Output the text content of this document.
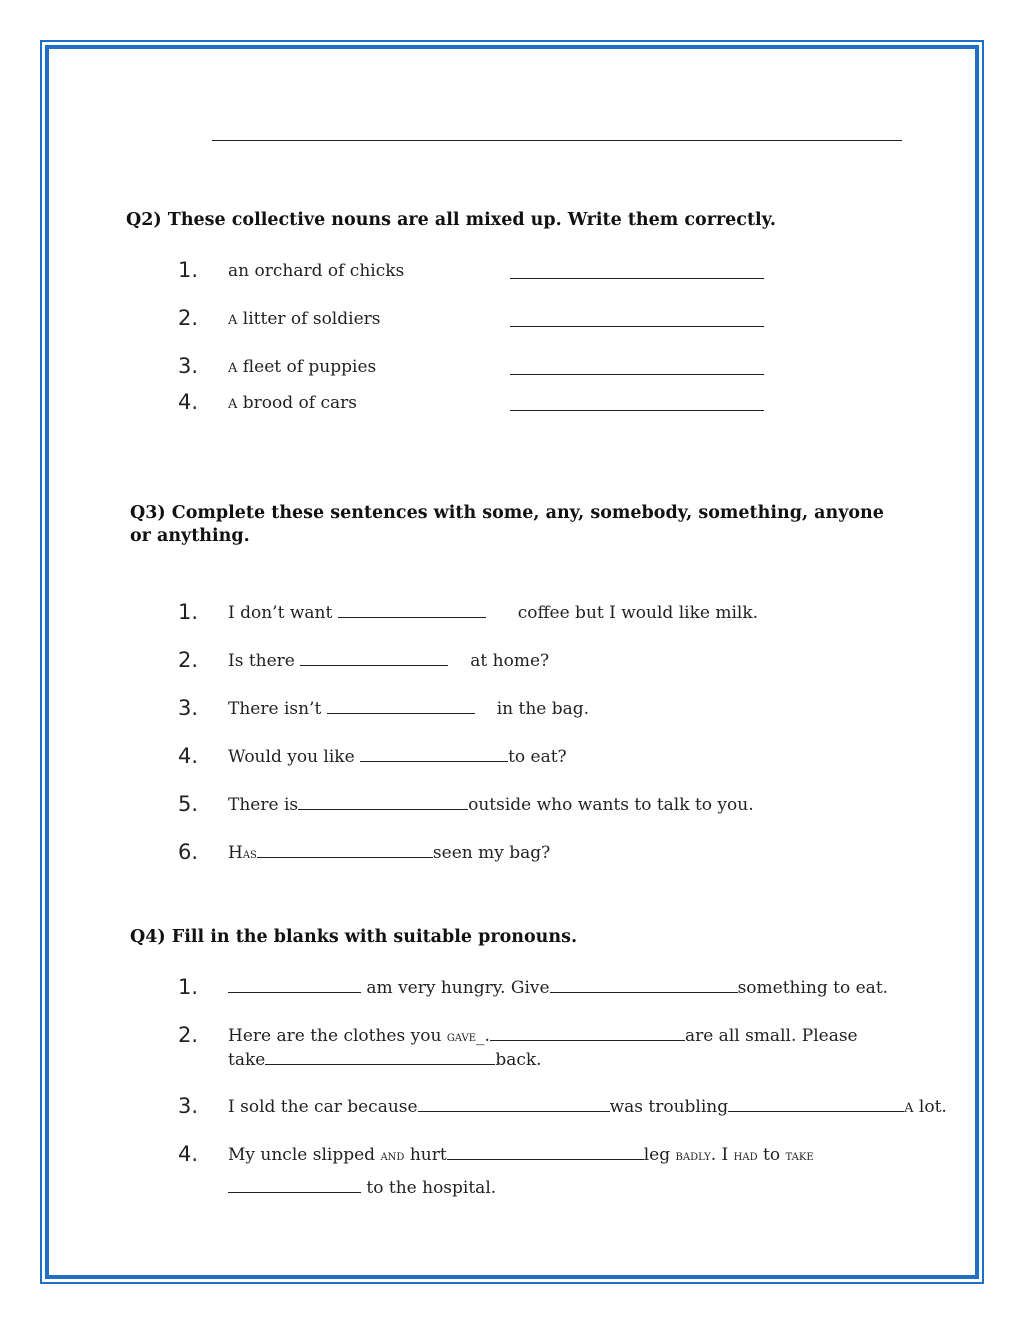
Q2) These collective nouns are all mixed up. Write them correctly.
1. an orchard of chicks
2. A litter of soldiers
3. A fleet of puppies
4. A brood of cars
Q3) Complete these sentences with some, any, somebody, something, anyone or anything.
1. I don’t want	coffee but I would like milk.
2. Is there	at home?
3. There isn’t	in the bag.
4. Would you like	to eat?
5. There is	outside who wants to talk to you.
6. Has	seen my bag?
Q4) Fill in the blanks with suitable pronouns.
1.	am very hungry. Give	something to eat.
2. Here are the clothes you gave_.	are all small. Please
take	back.
3. I sold the car because	was troubling	A lot.
4. My uncle slipped and hurt	leg badly. I had to take
to the hospital.
